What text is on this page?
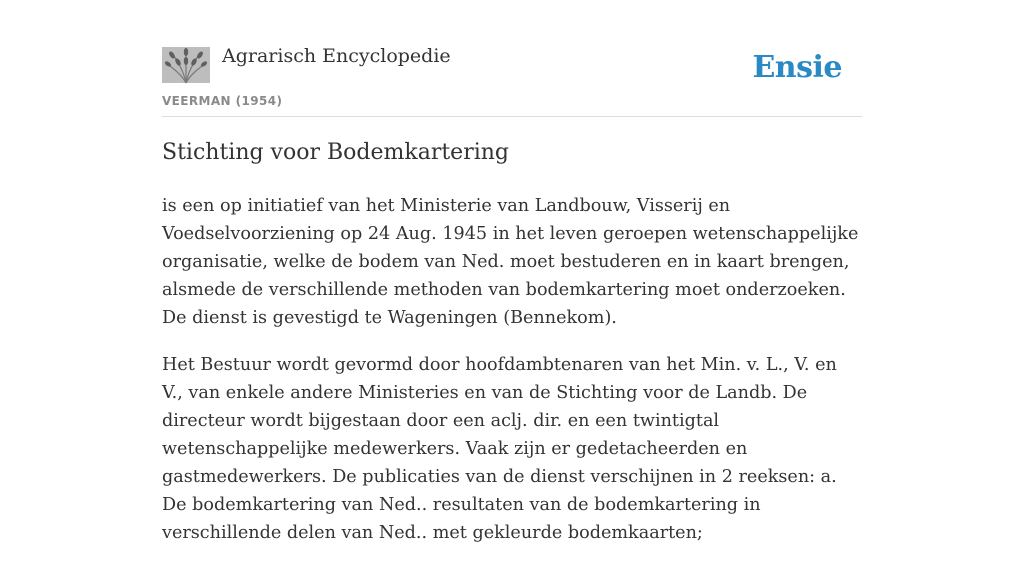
Agrarisch Encyclopedie	Ensie
VEERMAN (1954)
Stichting voor Bodemkartering

is een op initiatief van het Ministerie van Landbouw, Visserij en Voedselvoorziening op 24 Aug. 1945 in het leven geroepen wetenschappelijke organisatie, welke de bodem van Ned. moet bestuderen en in kaart brengen, alsmede de verschillende methoden van bodemkartering moet onderzoeken. De dienst is gevestigd te Wageningen (Bennekom).

Het Bestuur wordt gevormd door hoofdambtenaren van het Min. v. L., V. en V., van enkele andere Ministeries en van de Stichting voor de Landb. De directeur wordt bijgestaan door een aclj. dir. en een twintigtal wetenschappelijke medewerkers. Vaak zijn er gedetacheerden en gastmedewerkers. De publicaties van de dienst verschijnen in 2 reeksen: a. De bodemkartering van Ned.. resultaten van de bodemkartering in verschillende delen van Ned.. met gekleurde bodemkaarten;
